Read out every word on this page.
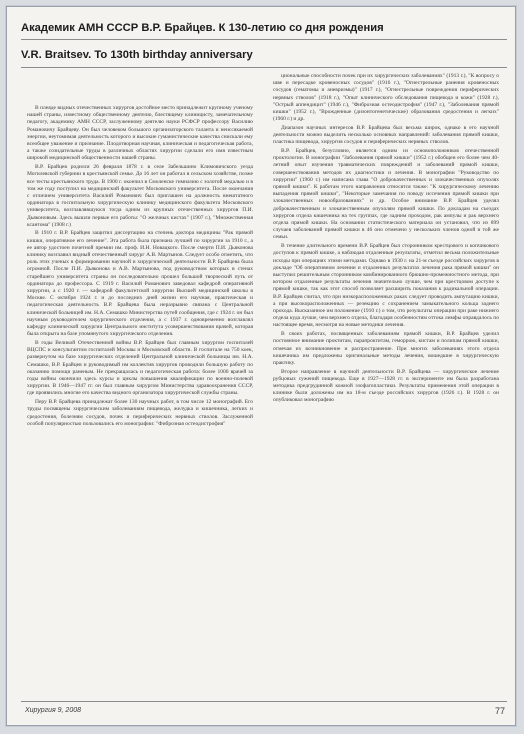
Академик АМН СССР В.Р. Брайцев. К 130-летию со дня рождения
V.R. Braitsev. To 130th birthday anniversary

В плеяде видных отечественных хирургов достойное место принадлежит крупному ученому нашей страны, известному общественному деятелю, блестящему клиницисту, замечательному педагогу, академику АМН СССР, заслуженному деятелю науки РСФСР профессору Василию Романовичу Брайцеву. Он был человеком большого организаторского таланта и неиссякаемой энергии, неутомимая деятельность которого и высокие гуманистические качества снискали ему всеобщее уважение и признание. Плодотворная научная, клиническая и педагогическая работа, а также созидательные труды в различных областях хирургии сделали его имя известным широкой медицинской общественности нашей страны.

В.Р. Брайцев родился 26 февраля 1878 г. в селе Забельшино Климовичского уезда Могилевской губернии в крестьянской семье. До 16 лет он работал в сельском хозяйстве, позже все тесты крестьянского труда. В 1900 г. окончил в Смоленске гимназию с золотой медалью и в том же году поступил на медицинский факультет Московского университета. После окончания с отличием университета Василий Романович был приглашен на должность внештатного ординатора в госпитальную хирургическую клинику медицинского факультета Московского университета, возглавлявшуюся тогда одним из крупных отечественных хирургов П.И. Дьяконовым. Здесь вышли первые его работы: "О желчных кистах" (1907 г.), "Множественная ксантома" (1908 г.)

В 1910 г. В.Р. Брайцев защитил диссертацию на степень доктора медицины "Рак прямой кишки, оперативное его лечение". Эта работа была признана лучшей по хирургии за 1910 г., а ее автор удостоен почетной премии им. проф. И.Н. Новацкого. После смерти П.И. Дьяконова клинику возглавил видный отечественный хирург А.В. Мартынов. Следует особо отметить, что роль этих ученых в формировании научной и хирургической деятельности В.Р. Брайцева была огромной. После П.И. Дьяконова и А.В. Мартынова, под руководством которых в стенах старейшего университета страны он последовательно прошел большой творческий путь от ординатора до профессора. С 1919 г. Василий Романович заведовал кафедрой оперативной хирургии, а с 1920 г. — кафедрой факультетской хирургии Высшей медицинской школы в Москве. С октября 1924 г. и до последних дней жизни его научная, практическая и педагогическая деятельность В.Р. Брайцева была неразрывно связана с Центральной клинической больницей им. Н.А. Семашко Министерства путей сообщения, где с 1924 г. он был научным руководителем хирургического отделения, а с 1937 г. одновременно возглавлял кафедру клинической хирургии Центрального института усовершенствования врачей, которая была открыта на базе упомянутого хирургического отделения.

В годы Великой Отечественной войны В.Р. Брайцев был главным хирургом госпиталей ВЦСПС и консультантом госпиталей Москвы и Московской области. В госпитале на 750 коек, развернутом на базе хирургических отделений Центральной клинической больницы им. Н.А. Семашко, В.Р. Брайцев и руководимый им коллектив хирургов проводили большую работу по оказанию помощи раненым. Не прекращалась и педагогическая работа: более 1000 врачей за годы войны окончили здесь курсы и циклы повышения квалификации по военно-полевой хирургии. В 1946—1947 гг. он был главным хирургом Министерства здравоохранения СССР, где проявились многие его качества видного организатора хирургической службы страны.

Перу В.Р. Брайцева принадлежат более 130 научных работ, в том числе 12 монографий. Его труды посвящены хирургическим заболеваниям пищевода, желудка и кишечника, легких и средостения, болезням сосудов, почек и периферических нервных стволов. Заслуженной особой популярностью пользовались его монографии: "Фиброзная остеодистрофия"

циональные способности почек при их хирургических заболеваниях" (1913 г.), "К вопросу о шве и пересадке кровеносных сосудов" (1916 г.), "Огнестрельные ранения кровеносных сосудов (гематомы и аневризмы)" (1917 г.), "Огнестрельные повреждения периферических нервных стволов" (1918 г.), "Опыт клинического обследования пищевода и кожи" (1928 г.), "Острый аппендицит" (1946 г.), "Фиброзная остеодистрофия" (1947 г.), "Заболевания прямой кишки" (1952 г.), "Врожденные (дизонтогенетические) образования средостения и легких" (1960 г.) и др.

Диапазон научных интересов В.Р. Брайцева был весьма широк, однако в его научной деятельности можно выделить несколько основных направлений: заболевания прямой кишки, пластика пищевода, хирургия сосудов и периферических нервных стволов.

В.Р. Брайцев, безусловно, является одним из основоположников отечественной проктологии. В монографии "Заболевания прямой кишки" (1952 г.) обобщен его более чем 40-летний опыт изучения травматических повреждений и заболеваний прямой кишки, совершенствования методов их диагностики и лечения. В монографии "Руководство по хирургии" (1960 г.) им написана глава "О доброкачественных и злокачественных опухолях прямой кишки". К работам этого направления относятся также: "К хирургическому лечению выпадения прямой кишки", "Некоторые замечания по поводу иссечения прямой кишки при злокачественных новообразованиях" и др. Особое внимание В.Р. Брайцев уделял доброкачественным и злокачественным опухолям прямой кишки. По докладам на съездах хирургов отдела кишечника на тех группах, где задним проходом, рак ампулы и рак верхнего отдела прямой кишки. На основании статистического материала он установил, что из 899 случаев заболеваний прямой кишки в 46 оно отмечено у нескольких членов одной и той же семьи.

В течение длительного времени В.Р. Брайцев был сторонником крестцового и копчикового доступов к прямой кишке, а наблюдая отдаленные результаты, отметил весьма положительные исходы при операциях этими методами. Однако в 1930 г. на 21-м съезде российских хирургов в докладе "Об оперативном лечении и отдаленных результатах лечения рака прямой кишки" он выступил решительным сторонником комбинированного брюшно-промежностного метода, при котором отдаленные результаты лечения значительно лучше, чем при крестцовом доступе к прямой кишке, так как этот способ позволяет расширить показания к радикальной операции. В.Р. Брайцев считал, что при низкорасположенных раках следует проводить ампутацию кишки, а при высокорасположенных — резекцию с сохранением замыкательного кольца заднего прохода. Высказанное им положение (1910 г.) о том, что результаты операции при раке нижнего отдела куда лучше, чем верхнего отдела, благодаря особенностям оттока лимфы оправдалось по настоящее время, несмотря на новые методики лечения.

В своих работах, посвященных заболеваниям прямой кишки, В.Р. Брайцев уделил постоянное внимание проктитам, парапроктитам, геморрою, кистам и полипам прямой кишки, отмечая их возникновение и распространение. При многих заболеваниях этого отдела кишечника им предложены оригинальные методы лечения, вошедшие в хирургическую практику.

Второе направление в научной деятельности В.Р. Брайцева — хирургическое лечение рубцовых сужений пищевода. Еще в 1927—1928 гг. в эксперименте им была разработана методика предгрудинной кожной эзофагопластики. Результаты применения этой операции в клинике были доложены им на 18-м съезде российских хирургов (1926 г.). В 1928 г. он опубликовал монографию

Хирургия 9, 2008	77
